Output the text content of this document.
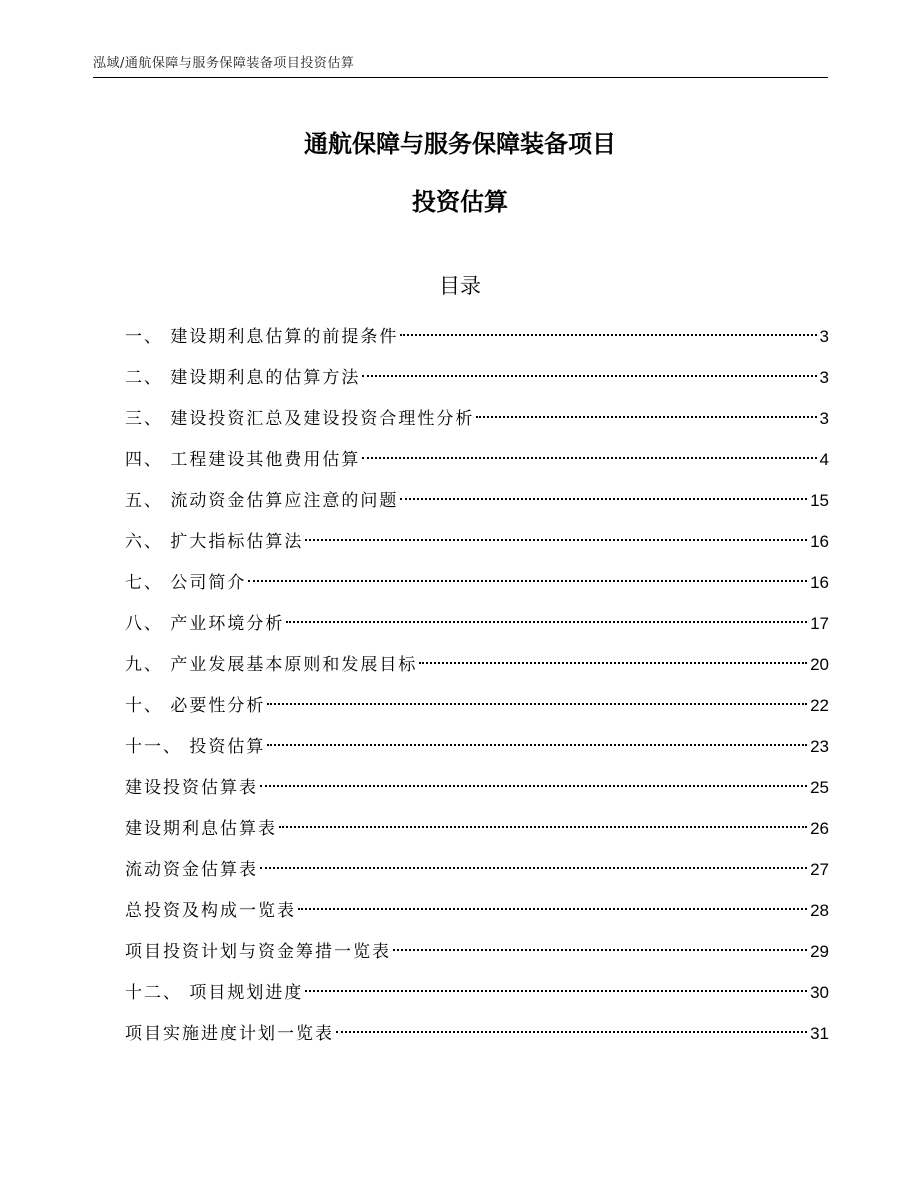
泓域/通航保障与服务保障装备项目投资估算
通航保障与服务保障装备项目
投资估算
目录
一、 建设期利息估算的前提条件	3
二、 建设期利息的估算方法	3
三、 建设投资汇总及建设投资合理性分析	3
四、 工程建设其他费用估算	4
五、 流动资金估算应注意的问题	15
六、 扩大指标估算法	16
七、 公司简介	16
八、 产业环境分析	17
九、 产业发展基本原则和发展目标	20
十、 必要性分析	22
十一、 投资估算	23
建设投资估算表	25
建设期利息估算表	26
流动资金估算表	27
总投资及构成一览表	28
项目投资计划与资金筹措一览表	29
十二、 项目规划进度	30
项目实施进度计划一览表	31
